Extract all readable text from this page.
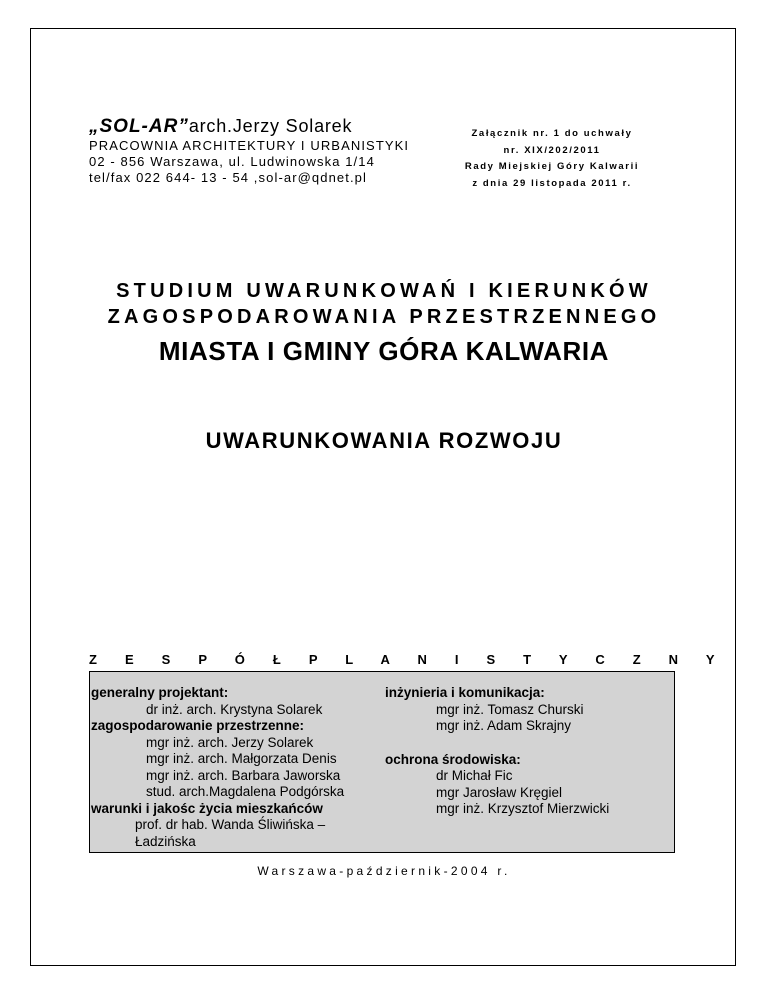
„SOL-AR”arch.Jerzy Solarek
PRACOWNIA ARCHITEKTURY I URBANISTYKI
02 - 856 Warszawa, ul. Ludwinowska 1/14
tel/fax 022 644- 13 - 54 ,sol-ar@qdnet.pl
Załącznik nr. 1 do uchwały
nr. XIX/202/2011
Rady Miejskiej Góry Kalwarii
z dnia 29 listopada 2011 r.
STUDIUM UWARUNKOWAŃ I KIERUNKÓW
ZAGOSPODAROWANIA PRZESTRZENNEGO
MIASTA I GMINY GÓRA KALWARIA
UWARUNKOWANIA ROZWOJU
Z E S P Ó Ł P L A N I S T Y C Z N Y
generalny projektant:
dr inż. arch. Krystyna Solarek
zagospodarowanie przestrzenne:
mgr inż. arch. Jerzy Solarek
mgr inż. arch. Małgorzata Denis
mgr inż. arch. Barbara Jaworska
stud. arch.Magdalena Podgórska
warunki i jakośc życia mieszkańców
prof. dr hab. Wanda Śliwińska –
Ładzińska
inżynieria i komunikacja:
mgr inż. Tomasz Churski
mgr inż. Adam Skrajny
ochrona środowiska:
dr Michał Fic
mgr Jarosław Kręgiel
mgr inż. Krzysztof Mierzwicki
Warszawa-październik-2004 r.
